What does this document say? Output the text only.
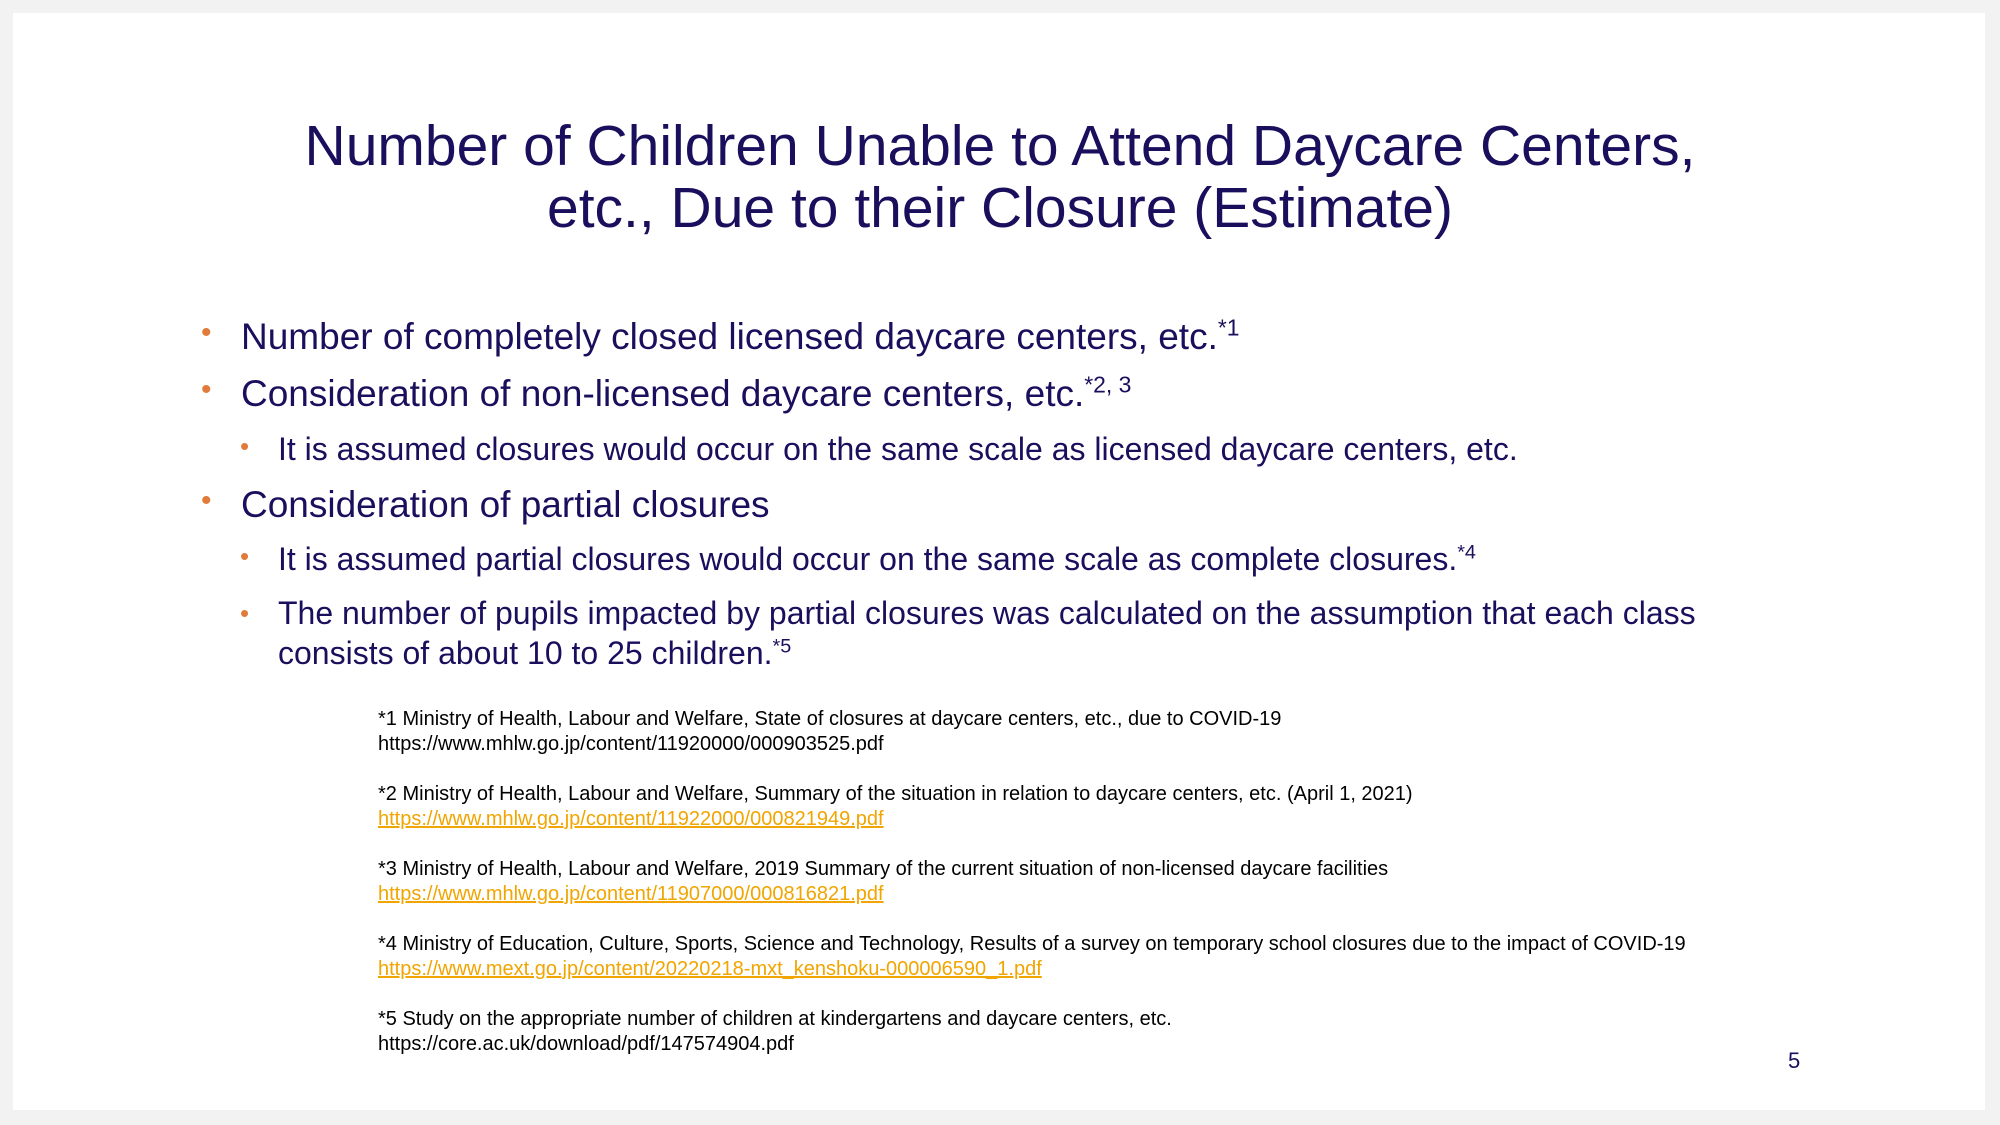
Number of Children Unable to Attend Daycare Centers,
etc., Due to their Closure (Estimate)
• Number of completely closed licensed daycare centers, etc.$^{*1}$
• Consideration of non-licensed daycare centers, etc.$^{*2, 3}$
• It is assumed closures would occur on the same scale as licensed daycare centers, etc.
• Consideration of partial closures
• It is assumed partial closures would occur on the same scale as complete closures.$^{*4}$
• The number of pupils impacted by partial closures was calculated on the assumption that each class
consists of about 10 to 25 children.$^{*5}$
*1 Ministry of Health, Labour and Welfare, State of closures at daycare centers, etc., due to COVID-19
https://www.mhlw.go.jp/content/11920000/000903525.pdf
*2 Ministry of Health, Labour and Welfare, Summary of the situation in relation to daycare centers, etc. (April 1, 2021)
https://www.mhlw.go.jp/content/11922000/000821949.pdf
*3 Ministry of Health, Labour and Welfare, 2019 Summary of the current situation of non-licensed daycare facilities
https://www.mhlw.go.jp/content/11907000/000816821.pdf
*4 Ministry of Education, Culture, Sports, Science and Technology, Results of a survey on temporary school closures due to the impact of COVID-19
https://www.mext.go.jp/content/20220218-mxt_kenshoku-000006590_1.pdf
*5 Study on the appropriate number of children at kindergartens and daycare centers, etc.
https://core.ac.uk/download/pdf/147574904.pdf
5
